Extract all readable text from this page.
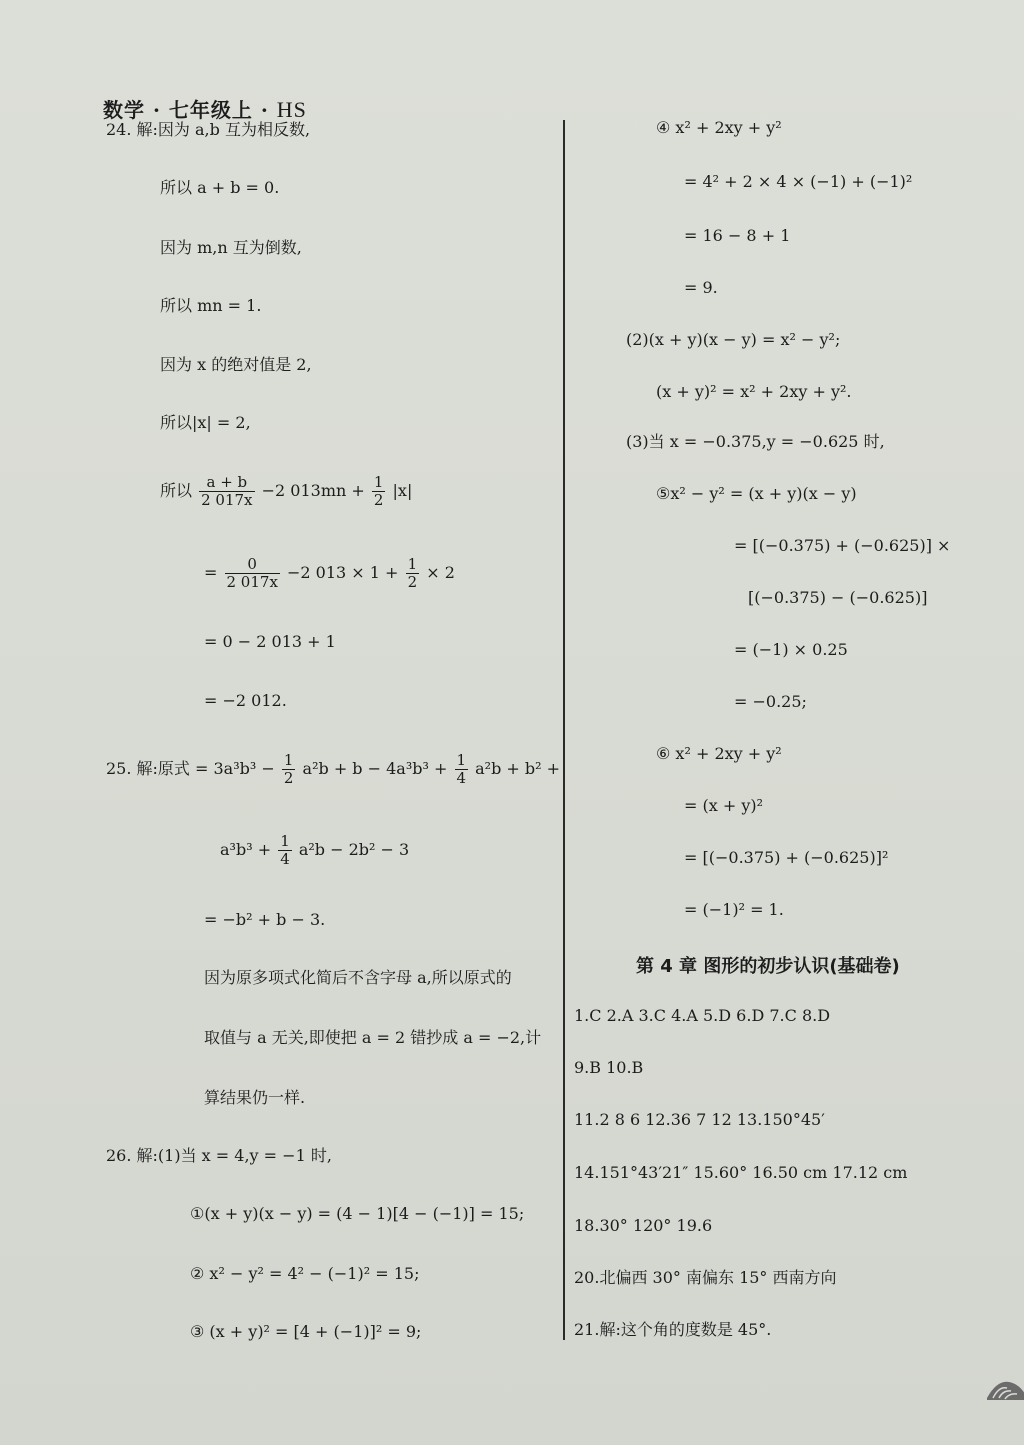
数学 · 七年级上 · HS
24. 解:因为 a,b 互为相反数,
所以 a + b = 0.
因为 m,n 互为倒数,
所以 mn = 1.
因为 x 的绝对值是 2,
所以|x| = 2,
所以 $\frac{a + b}{2 017x} -2$ $013mn + \frac{1}{2} |x|$
= $\frac{0}{2 017x} -2$ $013 \times 1 + \frac{1}{2} \times 2$
= 0 − 2 013 + 1
= −2 012.
25. 解:原式 = $3a^3b^3 - \frac{1}{2} a^2b + b - 4a^3b^3 + \frac{1}{4} a^2b + b^2$ +
$a^3b^3 + \frac{1}{4} a^2b - 2b^2 - 3$
= −b² + b − 3.
因为原多项式化简后不含字母 a,所以原式的
取值与 a 无关,即使把 a = 2 错抄成 a = −2,计
算结果仍一样.
26. 解:(1)当 x = 4,y = −1 时,
①(x + y)(x − y) = (4 − 1)[4 − (−1)] = 15;
② x² − y² = 4² − (−1)² = 15;
③ (x + y)² = [4 + (−1)]² = 9;
④ x² + 2xy + y²
= 4² + 2 × 4 × (−1) + (−1)²
= 16 − 8 + 1
= 9.
(2)(x + y)(x − y) = x² − y²;
(x + y)² = x² + 2xy + y².
(3)当 x = −0.375,y = −0.625 时,
⑤x² − y² = (x + y)(x − y)
= [(−0.375) + (−0.625)] ×
[(−0.375) − (−0.625)]
= (−1) × 0.25
= −0.25;
⑥ x² + 2xy + y²
= (x + y)²
= [(−0.375) + (−0.625)]²
= (−1)² = 1.
第 4 章 图形的初步认识(基础卷)
1.C 2.A 3.C 4.A 5.D 6.D 7.C 8.D
9.B 10.B
11.2 8 6 12.36 7 12 13.150°45′
14.151°43′21″ 15.60° 16.50 cm 17.12 cm
18.30° 120° 19.6
20.北偏西 30° 南偏东 15° 西南方向
21.解:这个角的度数是 45°.
